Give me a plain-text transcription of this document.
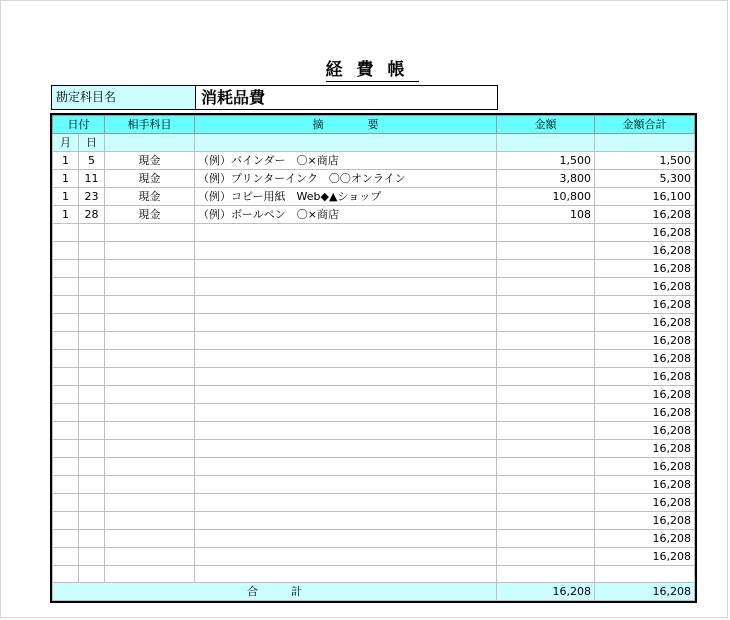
経費帳
勘定科目名	消耗品費
日付		相手科目	摘　　　　要	金額	金額合計
月	日				
1	5	現金	（例）バインダー　〇×商店	1,500	1,500
1	11	現金	（例）プリンターインク　〇〇オンライン	3,800	5,300
1	23	現金	（例）コピー用紙　Web◆▲ショップ	10,800	16,100
1	28	現金	（例）ボールペン　〇×商店	108	16,208
					16,208
					16,208
					16,208
					16,208
					16,208
					16,208
					16,208
					16,208
					16,208
					16,208
					16,208
					16,208
					16,208
					16,208
					16,208
					16,208
					16,208
					16,208
					16,208

合　　　計				16,208	16,208
